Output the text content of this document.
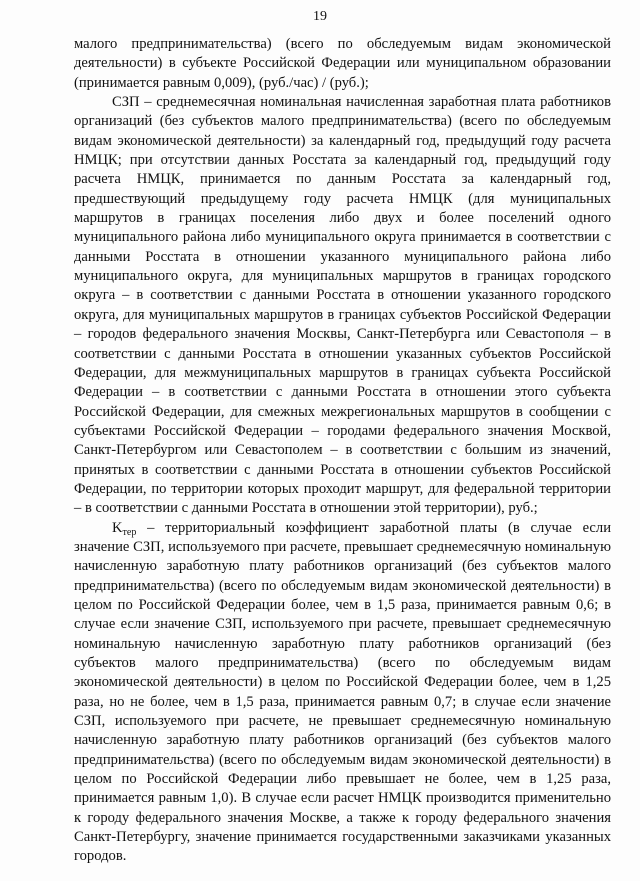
19

малого предпринимательства) (всего по обследуемым видам экономической деятельности) в субъекте Российской Федерации или муниципальном образовании (принимается равным 0,009), (руб./час) / (руб.);

СЗП – среднемесячная номинальная начисленная заработная плата работников организаций (без субъектов малого предпринимательства) (всего по обследуемым видам экономической деятельности) за календарный год, предыдущий году расчета НМЦК; при отсутствии данных Росстата за календарный год, предыдущий году расчета НМЦК, принимается по данным Росстата за календарный год, предшествующий предыдущему году расчета НМЦК (для муниципальных маршрутов в границах поселения либо двух и более поселений одного муниципального района либо муниципального округа принимается в соответствии с данными Росстата в отношении указанного муниципального района либо муниципального округа, для муниципальных маршрутов в границах городского округа – в соответствии с данными Росстата в отношении указанного городского округа, для муниципальных маршрутов в границах субъектов Российской Федерации – городов федерального значения Москвы, Санкт-Петербурга или Севастополя – в соответствии с данными Росстата в отношении указанных субъектов Российской Федерации, для межмуниципальных маршрутов в границах субъекта Российской Федерации – в соответствии с данными Росстата в отношении этого субъекта Российской Федерации, для смежных межрегиональных маршрутов в сообщении с субъектами Российской Федерации – городами федерального значения Москвой, Санкт-Петербургом или Севастополем – в соответствии с большим из значений, принятых в соответствии с данными Росстата в отношении субъектов Российской Федерации, по территории которых проходит маршрут, для федеральной территории – в соответствии с данными Росстата в отношении этой территории), руб.;

$K_{тер}$ – территориальный коэффициент заработной платы (в случае если значение СЗП, используемого при расчете, превышает среднемесячную номинальную начисленную заработную плату работников организаций (без субъектов малого предпринимательства) (всего по обследуемым видам экономической деятельности) в целом по Российской Федерации более, чем в 1,5 раза, принимается равным 0,6; в случае если значение СЗП, используемого при расчете, превышает среднемесячную номинальную начисленную заработную плату работников организаций (без субъектов малого предпринимательства) (всего по обследуемым видам экономической деятельности) в целом по Российской Федерации более, чем в 1,25 раза, но не более, чем в 1,5 раза, принимается равным 0,7; в случае если значение СЗП, используемого при расчете, не превышает среднемесячную номинальную начисленную заработную плату работников организаций (без субъектов малого предпринимательства) (всего по обследуемым видам экономической деятельности) в целом по Российской Федерации либо превышает не более, чем в 1,25 раза, принимается равным 1,0). В случае если расчет НМЦК производится применительно к городу федерального значения Москве, а также к городу федерального значения Санкт-Петербургу, значение принимается государственными заказчиками указанных городов.
